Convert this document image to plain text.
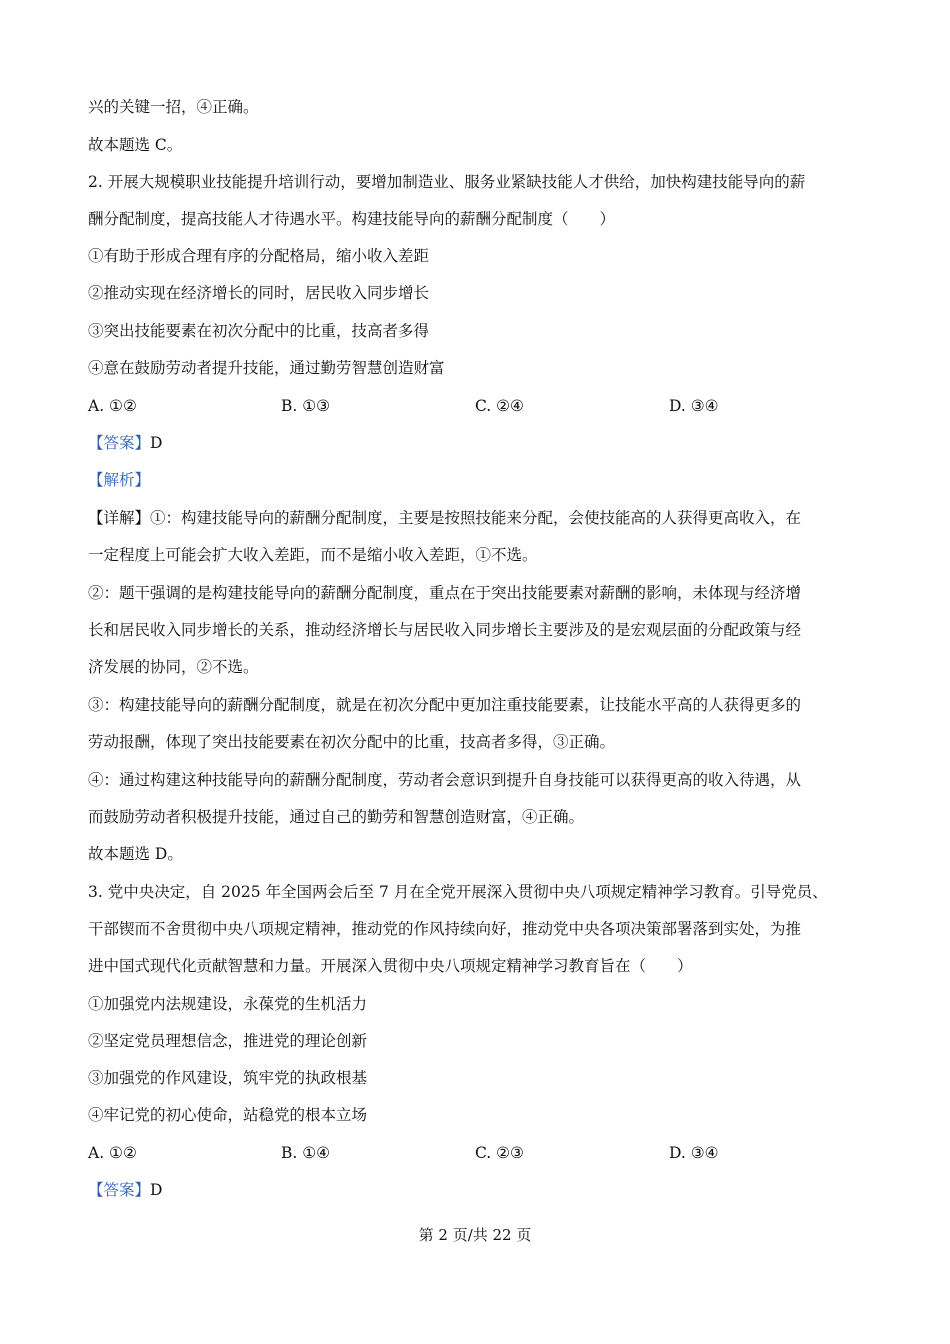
兴的关键一招，④正确。
故本题选 C。
2. 开展大规模职业技能提升培训行动，要增加制造业、服务业紧缺技能人才供给，加快构建技能导向的薪
酬分配制度，提高技能人才待遇水平。构建技能导向的薪酬分配制度（　　）
①有助于形成合理有序的分配格局，缩小收入差距
②推动实现在经济增长的同时，居民收入同步增长
③突出技能要素在初次分配中的比重，技高者多得
④意在鼓励劳动者提升技能，通过勤劳智慧创造财富
A. ①②	B. ①③	C. ②④	D. ③④
【答案】D
【解析】
【详解】①：构建技能导向的薪酬分配制度，主要是按照技能来分配，会使技能高的人获得更高收入，在
一定程度上可能会扩大收入差距，而不是缩小收入差距，①不选。
②：题干强调的是构建技能导向的薪酬分配制度，重点在于突出技能要素对薪酬的影响，未体现与经济增
长和居民收入同步增长的关系，推动经济增长与居民收入同步增长主要涉及的是宏观层面的分配政策与经
济发展的协同，②不选。
③：构建技能导向的薪酬分配制度，就是在初次分配中更加注重技能要素，让技能水平高的人获得更多的
劳动报酬，体现了突出技能要素在初次分配中的比重，技高者多得，③正确。
④：通过构建这种技能导向的薪酬分配制度，劳动者会意识到提升自身技能可以获得更高的收入待遇，从
而鼓励劳动者积极提升技能，通过自己的勤劳和智慧创造财富，④正确。
故本题选 D。
3. 党中央决定，自 2025 年全国两会后至 7 月在全党开展深入贯彻中央八项规定精神学习教育。引导党员、
干部锲而不舍贯彻中央八项规定精神，推动党的作风持续向好，推动党中央各项决策部署落到实处，为推
进中国式现代化贡献智慧和力量。开展深入贯彻中央八项规定精神学习教育旨在（　　）
①加强党内法规建设，永葆党的生机活力
②坚定党员理想信念，推进党的理论创新
③加强党的作风建设，筑牢党的执政根基
④牢记党的初心使命，站稳党的根本立场
A. ①②	B. ①④	C. ②③	D. ③④
【答案】D
第 2 页/共 22 页
